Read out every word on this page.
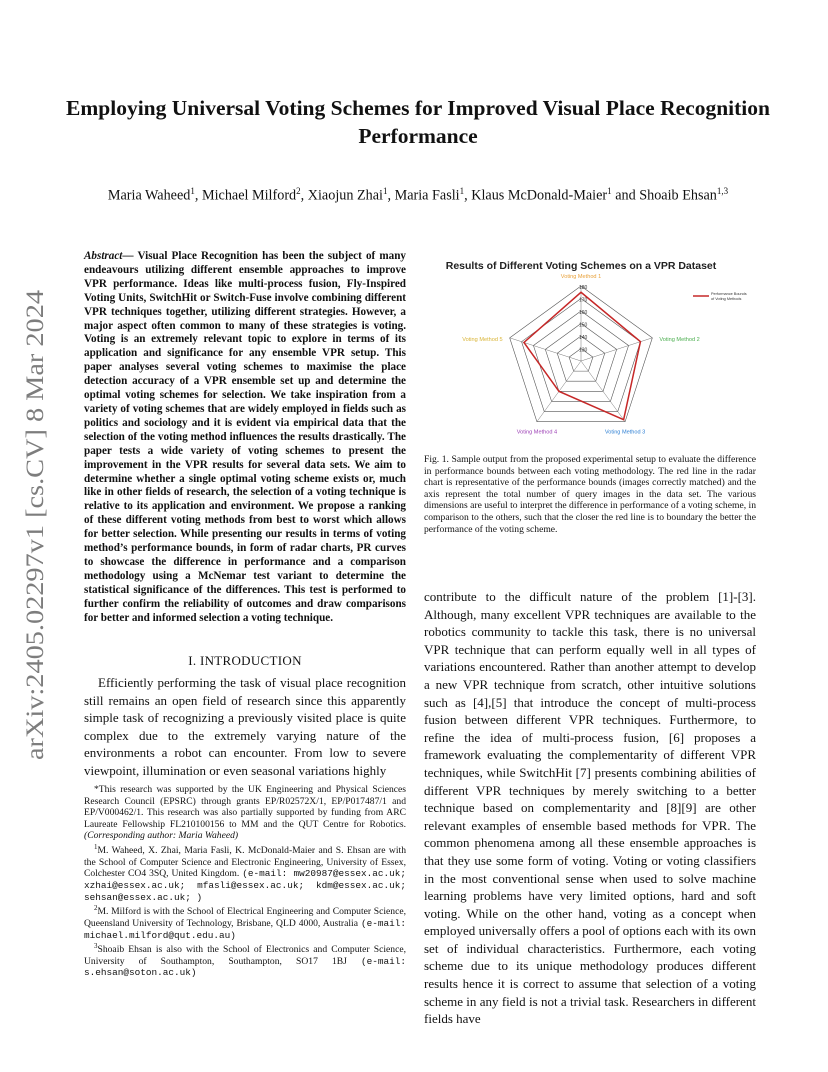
arXiv:2405.02297v1 [cs.CV] 8 Mar 2024
Employing Universal Voting Schemes for Improved Visual Place Recognition Performance
Maria Waheed$^1$, Michael Milford$^2$, Xiaojun Zhai$^1$, Maria Fasli$^1$, Klaus McDonald-Maier$^1$ and Shoaib Ehsan$^{1,3}$
Abstract— Visual Place Recognition has been the subject of many endeavours utilizing different ensemble approaches to improve VPR performance. Ideas like multi-process fusion, Fly-Inspired Voting Units, SwitchHit or Switch-Fuse involve combining different VPR techniques together, utilizing different strategies. However, a major aspect often common to many of these strategies is voting. Voting is an extremely relevant topic to explore in terms of its application and significance for any ensemble VPR setup. This paper analyses several voting schemes to maximise the place detection accuracy of a VPR ensemble set up and determine the optimal voting schemes for selection. We take inspiration from a variety of voting schemes that are widely employed in fields such as politics and sociology and it is evident via empirical data that the selection of the voting method influences the results drastically. The paper tests a wide variety of voting schemes to present the improvement in the VPR results for several data sets. We aim to determine whether a single optimal voting scheme exists or, much like in other fields of research, the selection of a voting technique is relative to its application and environment. We propose a ranking of these different voting methods from best to worst which allows for better selection. While presenting our results in terms of voting method’s performance bounds, in form of radar charts, PR curves to showcase the difference in performance and a comparison methodology using a McNemar test variant to determine the statistical significance of the differences. This test is performed to further confirm the reliability of outcomes and draw comparisons for better and informed selection a voting technique.
I. INTRODUCTION
Efficiently performing the task of visual place recognition still remains an open field of research since this apparently simple task of recognizing a previously visited place is quite complex due to the extremely varying nature of the environments a robot can encounter. From low to severe viewpoint, illumination or even seasonal variations highly

*This research was supported by the UK Engineering and Physical Sciences Research Council (EPSRC) through grants EP/R02572X/1, EP/P017487/1 and EP/V000462/1. This research was also partially supported by funding from ARC Laureate Fellowship FL210100156 to MM and the QUT Centre for Robotics. (Corresponding author: Maria Waheed)

$^1$M. Waheed, X. Zhai, Maria Fasli, K. McDonald-Maier and S. Ehsan are with the School of Computer Science and Electronic Engineering, University of Essex, Colchester CO4 3SQ, United Kingdom. (e-mail: mw20987@essex.ac.uk; xzhai@essex.ac.uk; mfasli@essex.ac.uk; kdm@essex.ac.uk; sehsan@essex.ac.uk; )

$^2$M. Milford is with the School of Electrical Engineering and Computer Science, Queensland University of Technology, Brisbane, QLD 4000, Australia (e-mail: michael.milford@qut.edu.au)

$^3$Shoaib Ehsan is also with the School of Electronics and Computer Science, University of Southampton, Southampton, SO17 1BJ (e-mail: s.ehsan@soton.ac.uk)

Results of Different Voting Schemes on a VPR Dataset
130
140
150
160
170
180
Voting Method 1
Voting Method 2
Voting Method 3
Voting Method 4
Voting Method 5
Performance Bounds of Voting Methods
Fig. 1. Sample output from the proposed experimental setup to evaluate the difference in performance bounds between each voting methodology. The red line in the radar chart is representative of the performance bounds (images correctly matched) and the axis represent the total number of query images in the data set. The various dimensions are useful to interpret the difference in performance of a voting scheme, in comparison to the others, such that the closer the red line is to boundary the better the performance of the voting scheme.
contribute to the difficult nature of the problem [1]-[3]. Although, many excellent VPR techniques are available to the robotics community to tackle this task, there is no universal VPR technique that can perform equally well in all types of variations encountered. Rather than another attempt to develop a new VPR technique from scratch, other intuitive solutions such as [4],[5] that introduce the concept of multi-process fusion between different VPR techniques. Furthermore, to refine the idea of multi-process fusion, [6] proposes a framework evaluating the complementarity of different VPR techniques, while SwitchHit [7] presents combining abilities of different VPR techniques by merely switching to a better technique based on complementarity and [8][9] are other relevant examples of ensemble based methods for VPR. The common phenomena among all these ensemble approaches is that they use some form of voting. Voting or voting classifiers in the most conventional sense when used to solve machine learning problems have very limited options, hard and soft voting. While on the other hand, voting as a concept when employed universally offers a pool of options each with its own set of individual characteristics. Furthermore, each voting scheme due to its unique methodology produces different results hence it is correct to assume that selection of a voting scheme in any field is not a trivial task. Researchers in different fields have
